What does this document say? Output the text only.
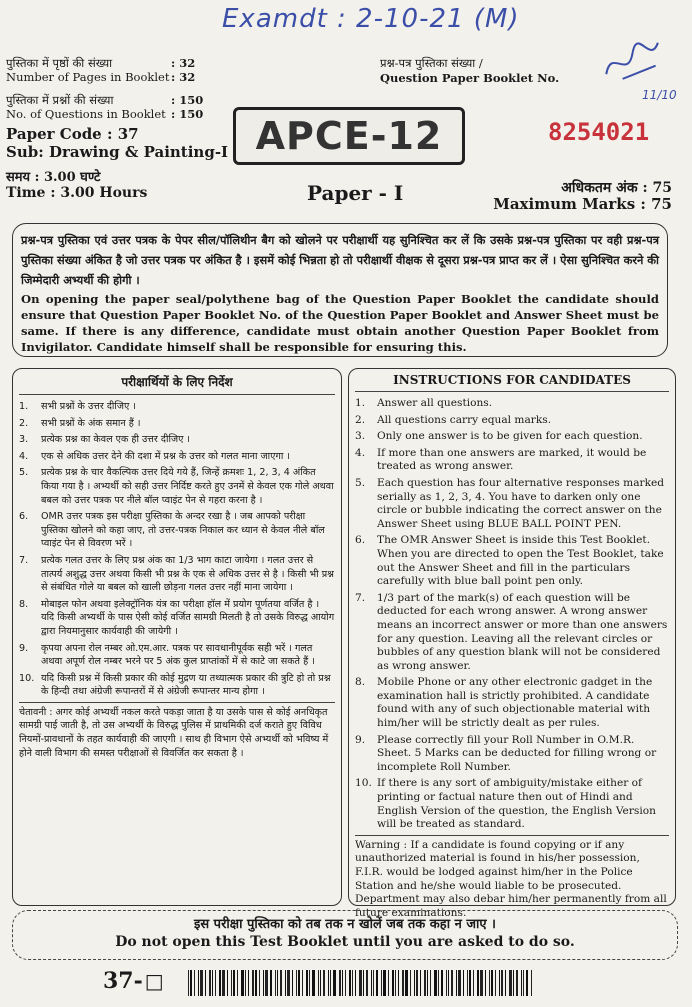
Examdt : 2-10-21 (M)
11/10
पुस्तिका में पृष्ठों की संख्या	: 32
Number of Pages in Booklet : 32
पुस्तिका में प्रश्नों की संख्या	: 150
No. of Questions in Booklet : 150
Paper Code : 37
Sub: Drawing & Painting-I
समय : 3.00 घण्टे
Time : 3.00 Hours
APCE-12
Paper - I
प्रश्न-पत्र पुस्तिका संख्या /
Question Paper Booklet No.
8254021
अधिकतम अंक : 75
Maximum Marks : 75
प्रश्न-पत्र पुस्तिका एवं उत्तर पत्रक के पेपर सील/पॉलिथीन बैग को खोलने पर परीक्षार्थी यह सुनिश्चित कर लें कि उसके प्रश्न-पत्र पुस्तिका पर वही प्रश्न-पत्र पुस्तिका संख्या अंकित है जो उत्तर पत्रक पर अंकित है । इसमें कोई भिन्नता हो तो परीक्षार्थी वीक्षक से दूसरा प्रश्न-पत्र प्राप्त कर लें । ऐसा सुनिश्चित करने की जिम्मेदारी अभ्यर्थी की होगी ।
On opening the paper seal/polythene bag of the Question Paper Booklet the candidate should ensure that Question Paper Booklet No. of the Question Paper Booklet and Answer Sheet must be same. If there is any difference, candidate must obtain another Question Paper Booklet from Invigilator. Candidate himself shall be responsible for ensuring this.
परीक्षार्थियों के लिए निर्देश
1. सभी प्रश्नों के उत्तर दीजिए ।
2. सभी प्रश्नों के अंक समान हैं ।
3. प्रत्येक प्रश्न का केवल एक ही उत्तर दीजिए ।
4. एक से अधिक उत्तर देने की दशा में प्रश्न के उत्तर को गलत माना जाएगा ।
5. प्रत्येक प्रश्न के चार वैकल्पिक उत्तर दिये गये हैं, जिन्हें क्रमशः 1, 2, 3, 4 अंकित किया गया है । अभ्यर्थी को सही उत्तर निर्दिष्ट करते हुए उनमें से केवल एक गोले अथवा बबल को उत्तर पत्रक पर नीले बॉल प्वाइंट पेन से गहरा करना है ।
6. OMR उत्तर पत्रक इस परीक्षा पुस्तिका के अन्दर रखा है । जब आपको परीक्षा पुस्तिका खोलने को कहा जाए, तो उत्तर-पत्रक निकाल कर ध्यान से केवल नीले बॉल प्वाइंट पेन से विवरण भरें ।
7. प्रत्येक गलत उत्तर के लिए प्रश्न अंक का 1/3 भाग काटा जायेगा । गलत उत्तर से तात्पर्य अशुद्ध उत्तर अथवा किसी भी प्रश्न के एक से अधिक उत्तर से है । किसी भी प्रश्न से संबंधित गोले या बबल को खाली छोड़ना गलत उत्तर नहीं माना जायेगा ।
8. मोबाइल फोन अथवा इलेक्ट्रॉनिक यंत्र का परीक्षा हॉल में प्रयोग पूर्णतया वर्जित है । यदि किसी अभ्यर्थी के पास ऐसी कोई वर्जित सामग्री मिलती है तो उसके विरुद्ध आयोग द्वारा नियमानुसार कार्यवाही की जायेगी ।
9. कृपया अपना रोल नम्बर ओ.एम.आर. पत्रक पर सावधानीपूर्वक सही भरें । गलत अथवा अपूर्ण रोल नम्बर भरने पर 5 अंक कुल प्राप्तांकों में से काटे जा सकते हैं ।
10. यदि किसी प्रश्न में किसी प्रकार की कोई मुद्रण या तथ्यात्मक प्रकार की त्रुटि हो तो प्रश्न के हिन्दी तथा अंग्रेजी रूपान्तरों में से अंग्रेजी रूपान्तर मान्य होगा ।
चेतावनी : अगर कोई अभ्यर्थी नकल करते पकड़ा जाता है या उसके पास से कोई अनधिकृत सामग्री पाई जाती है, तो उस अभ्यर्थी के विरुद्ध पुलिस में प्राथमिकी दर्ज कराते हुए विविध नियमों-प्रावधानों के तहत कार्यवाही की जाएगी । साथ ही विभाग ऐसे अभ्यर्थी को भविष्य में होने वाली विभाग की समस्त परीक्षाओं से विवर्जित कर सकता है ।
INSTRUCTIONS FOR CANDIDATES
1. Answer all questions.
2. All questions carry equal marks.
3. Only one answer is to be given for each question.
4. If more than one answers are marked, it would be treated as wrong answer.
5. Each question has four alternative responses marked serially as 1, 2, 3, 4. You have to darken only one circle or bubble indicating the correct answer on the Answer Sheet using BLUE BALL POINT PEN.
6. The OMR Answer Sheet is inside this Test Booklet. When you are directed to open the Test Booklet, take out the Answer Sheet and fill in the particulars carefully with blue ball point pen only.
7. 1/3 part of the mark(s) of each question will be deducted for each wrong answer. A wrong answer means an incorrect answer or more than one answers for any question. Leaving all the relevant circles or bubbles of any question blank will not be considered as wrong answer.
8. Mobile Phone or any other electronic gadget in the examination hall is strictly prohibited. A candidate found with any of such objectionable material with him/her will be strictly dealt as per rules.
9. Please correctly fill your Roll Number in O.M.R. Sheet. 5 Marks can be deducted for filling wrong or incomplete Roll Number.
10. If there is any sort of ambiguity/mistake either of printing or factual nature then out of Hindi and English Version of the question, the English Version will be treated as standard.
Warning : If a candidate is found copying or if any unauthorized material is found in his/her possession, F.I.R. would be lodged against him/her in the Police Station and he/she would liable to be prosecuted. Department may also debar him/her permanently from all future examinations.
इस परीक्षा पुस्तिका को तब तक न खोलें जब तक कहा न जाए ।
Do not open this Test Booklet until you are asked to do so.
37- □
